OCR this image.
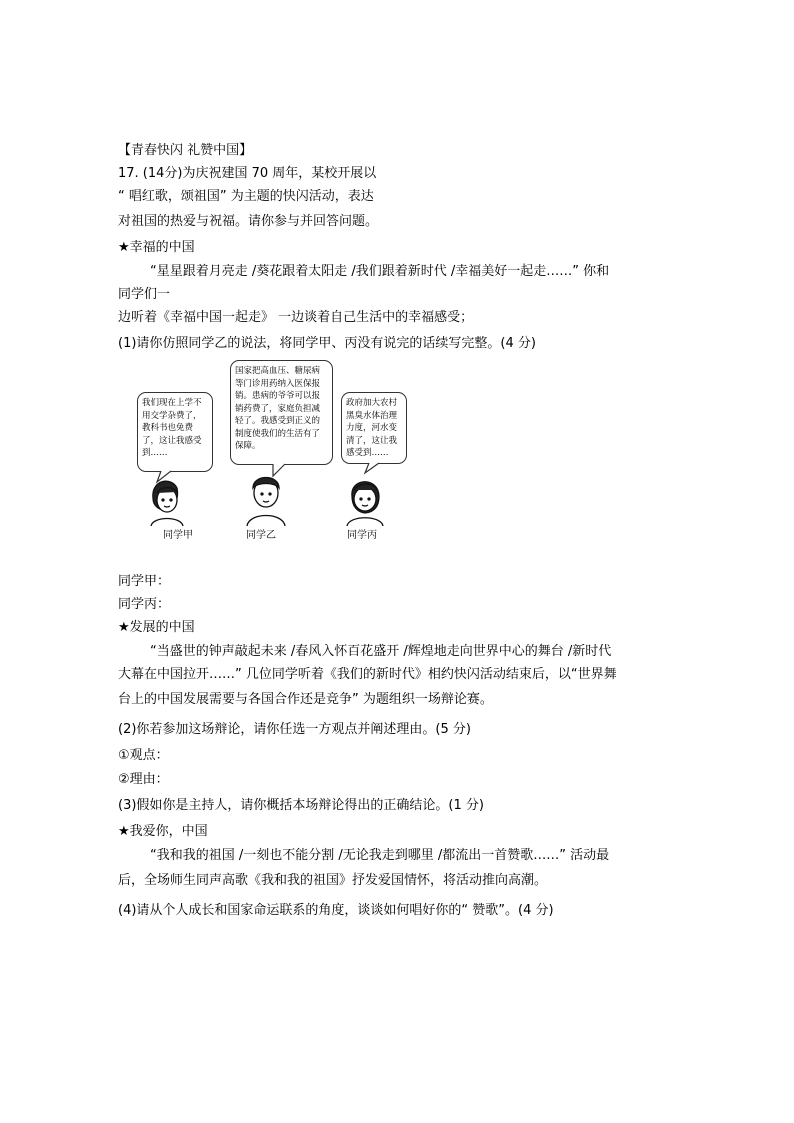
【青春快闪 礼赞中国】
17. (14分)为庆祝建国 70 周年，某校开展以
“ 唱红歌，颂祖国” 为主题的快闪活动，表达
对祖国的热爱与祝福。请你参与并回答问题。
★幸福的中国
“星星跟着月亮走 /葵花跟着太阳走 /我们跟着新时代 /幸福美好一起走……” 你和
同学们一
边听着《幸福中国一起走》 一边谈着自己生活中的幸福感受；
(1)请你仿照同学乙的说法，将同学甲、丙没有说完的话续写完整。(4 分)
我们现在上学不用交学杂费了，教科书也免费了，这让我感受到……
国家把高血压、糖尿病等门诊用药纳入医保报销。患病的爷爷可以报销药费了，家庭负担减轻了。我感受到正义的制度使我们的生活有了保障。
政府加大农村黑臭水体治理力度，河水变清了，这让我感受到……
同学甲	同学乙	同学丙
同学甲：
同学丙：
★发展的中国
“当盛世的钟声敲起未来 /春风入怀百花盛开 /辉煌地走向世界中心的舞台 /新时代
大幕在中国拉开……” 几位同学听着《我们的新时代》相约快闪活动结束后，以“世界舞
台上的中国发展需要与各国合作还是竞争” 为题组织一场辩论赛。
(2)你若参加这场辩论，请你任选一方观点并阐述理由。(5 分)
①观点：
②理由：
(3)假如你是主持人，请你概括本场辩论得出的正确结论。(1 分)
★我爱你，中国
“我和我的祖国 /一刻也不能分割 /无论我走到哪里 /都流出一首赞歌……” 活动最
后，全场师生同声高歌《我和我的祖国》抒发爱国情怀，将活动推向高潮。
(4)请从个人成长和国家命运联系的角度，谈谈如何唱好你的“ 赞歌”。(4 分)
